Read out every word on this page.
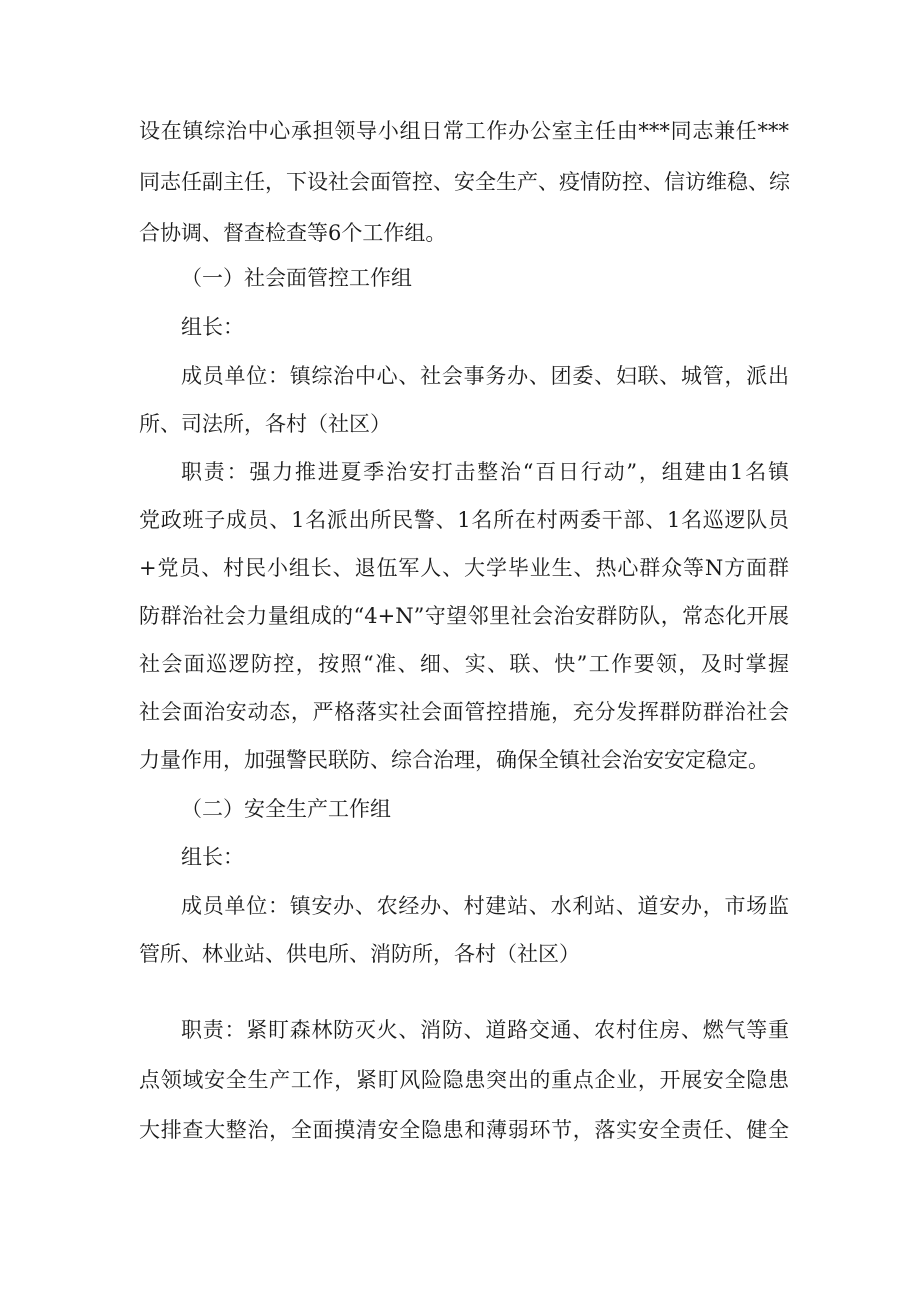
设在镇综治中心承担领导小组日常工作办公室主任由***同志兼任***
同志任副主任，下设社会面管控、安全生产、疫情防控、信访维稳、综
合协调、督查检查等6个工作组。
（一）社会面管控工作组
组长：
成员单位：镇综治中心、社会事务办、团委、妇联、城管，派出
所、司法所，各村（社区）
职责：强力推进夏季治安打击整治“百日行动”，组建由1名镇
党政班子成员、1名派出所民警、1名所在村两委干部、1名巡逻队员
+党员、村民小组长、退伍军人、大学毕业生、热心群众等N方面群
防群治社会力量组成的“4+N”守望邻里社会治安群防队，常态化开展
社会面巡逻防控，按照“准、细、实、联、快”工作要领，及时掌握
社会面治安动态，严格落实社会面管控措施，充分发挥群防群治社会
力量作用，加强警民联防、综合治理，确保全镇社会治安安定稳定。
（二）安全生产工作组
组长：
成员单位：镇安办、农经办、村建站、水利站、道安办，市场监
管所、林业站、供电所、消防所，各村（社区）
职责：紧盯森林防灭火、消防、道路交通、农村住房、燃气等重
点领域安全生产工作，紧盯风险隐患突出的重点企业，开展安全隐患
大排查大整治，全面摸清安全隐患和薄弱环节，落实安全责任、健全
